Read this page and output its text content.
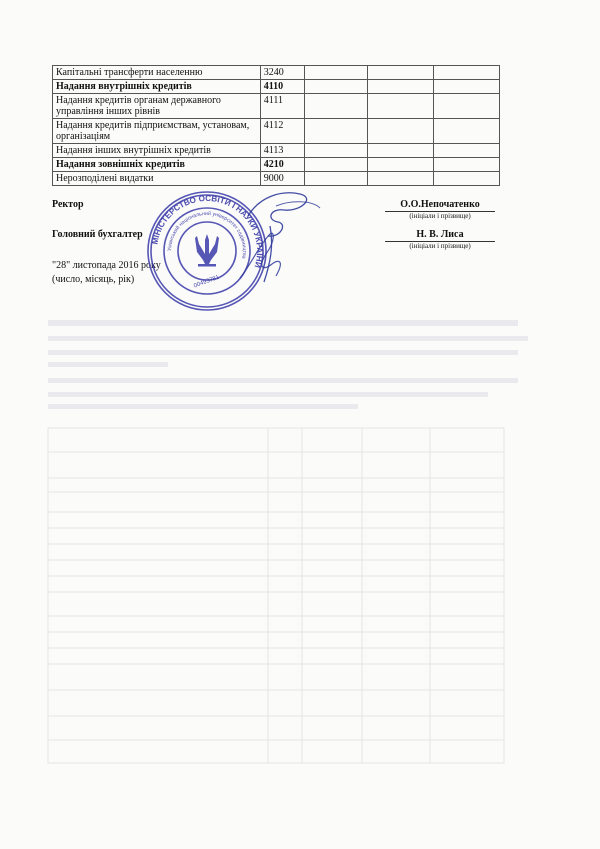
Капітальні трансферти населенню	3240			
Надання внутрішніх кредитів	4110			
Надання кредитів органам державного управління інших рівнів	4111			
Надання кредитів підприємствам, установам, організаціям	4112			
Надання інших внутрішніх кредитів	4113			
Надання зовнішніх кредитів	4210			
Нерозподілені видатки	9000			
Ректор	О.О.Непочатенко
(ініціали і прізвище)
Головний бухгалтер	Н. В. Лиса
(ініціали і прізвище)
"28" листопада 2016 року
(число, місяць, рік)
МІНІСТЕРСТВО ОСВІТИ І НАУКИ УКРАЇНИ
Уманський національний університет садівництва
00493781
